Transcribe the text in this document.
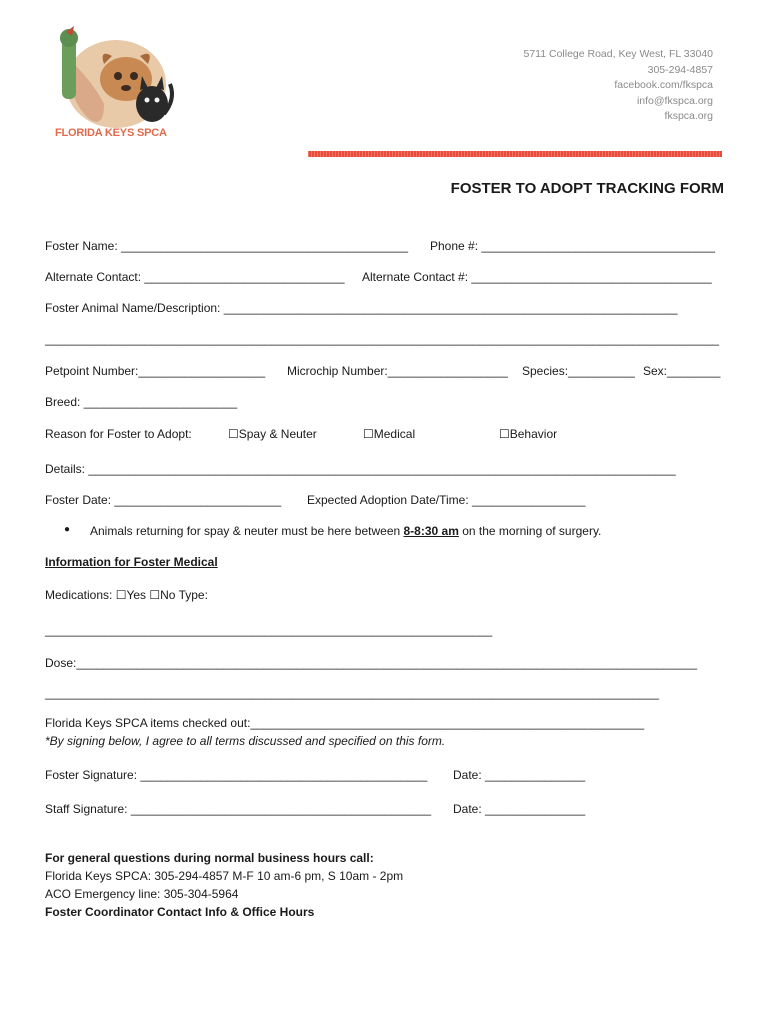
FLORIDA KEYS SPCA
5711 College Road, Key West, FL 33040
305-294-4857
facebook.com/fkspca
info@fkspca.org
fkspca.org
FOSTER TO ADOPT TRACKING FORM
Foster Name: ___________________________________________ Phone #: ___________________________________
Alternate Contact: ______________________________ Alternate Contact #: ____________________________________
Foster Animal Name/Description: ____________________________________________________________________
_____________________________________________________________________________________________________
Petpoint Number:___________________ Microchip Number:__________________ Species:__________ Sex:________
Breed: _______________________
Reason for Foster to Adopt:	☐Spay & Neuter	☐Medical	☐Behavior
Details: ________________________________________________________________________________________
Foster Date: _________________________ Expected Adoption Date/Time: _________________
● Animals returning for spay & neuter must be here between 8-8:30 am on the morning of surgery.
Information for Foster Medical
Medications: ☐Yes ☐No Type:
___________________________________________________________________
Dose:_____________________________________________________________________________________________
____________________________________________________________________________________________
Florida Keys SPCA items checked out:___________________________________________________________
*By signing below, I agree to all terms discussed and specified on this form.
Foster Signature: ___________________________________________ Date: _______________
Staff Signature: _____________________________________________ Date: _______________
For general questions during normal business hours call:
Florida Keys SPCA: 305-294-4857 M-F 10 am-6 pm, S 10am - 2pm
ACO Emergency line: 305-304-5964
Foster Coordinator Contact Info & Office Hours
